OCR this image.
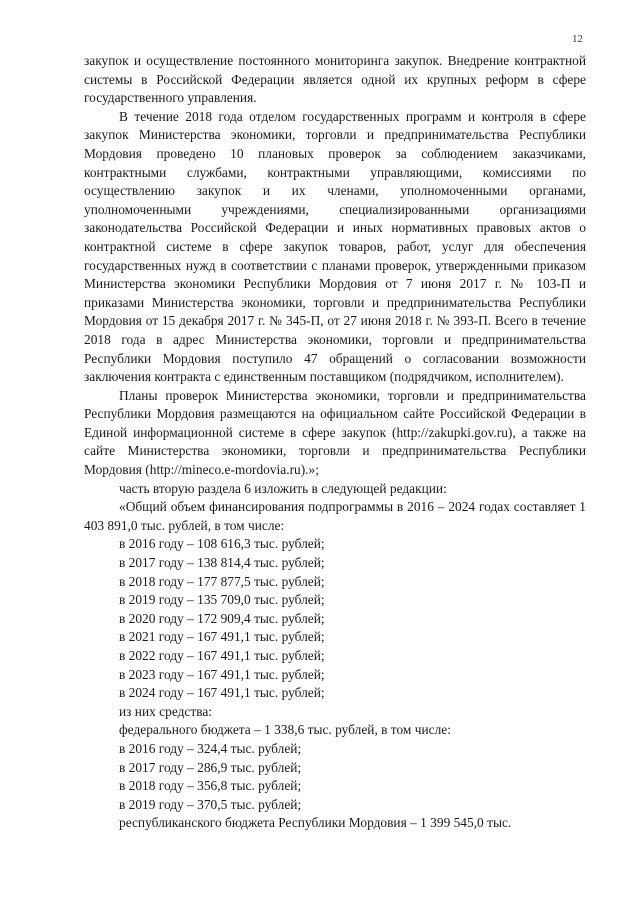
12

закупок и осуществление постоянного мониторинга закупок. Внедрение контрактной системы в Российской Федерации является одной их крупных реформ в сфере государственного управления.

В течение 2018 года отделом государственных программ и контроля в сфере закупок Министерства экономики, торговли и предпринимательства Республики Мордовия проведено 10 плановых проверок за соблюдением заказчиками, контрактными службами, контрактными управляющими, комиссиями по осуществлению закупок и их членами, уполномоченными органами, уполномоченными учреждениями, специализированными организациями законодательства Российской Федерации и иных нормативных правовых актов о контрактной системе в сфере закупок товаров, работ, услуг для обеспечения государственных нужд в соответствии с планами проверок, утвержденными приказом Министерства экономики Республики Мордовия от 7 июня 2017 г. № 103-П и приказами Министерства экономики, торговли и предпринимательства Республики Мордовия от 15 декабря 2017 г. № 345-П, от 27 июня 2018 г. № 393-П. Всего в течение 2018 года в адрес Министерства экономики, торговли и предпринимательства Республики Мордовия поступило 47 обращений о согласовании возможности заключения контракта с единственным поставщиком (подрядчиком, исполнителем).

Планы проверок Министерства экономики, торговли и предпринимательства Республики Мордовия размещаются на официальном сайте Российской Федерации в Единой информационной системе в сфере закупок (http://zakupki.gov.ru), а также на сайте Министерства экономики, торговли и предпринимательства Республики Мордовия (http://mineco.e-mordovia.ru).»;

часть вторую раздела 6 изложить в следующей редакции:

«Общий объем финансирования подпрограммы в 2016 – 2024 годах составляет 1 403 891,0 тыс. рублей, в том числе:

в 2016 году – 108 616,3 тыс. рублей;

в 2017 году – 138 814,4 тыс. рублей;

в 2018 году – 177 877,5 тыс. рублей;

в 2019 году – 135 709,0 тыс. рублей;

в 2020 году – 172 909,4 тыс. рублей;

в 2021 году – 167 491,1 тыс. рублей;

в 2022 году – 167 491,1 тыс. рублей;

в 2023 году – 167 491,1 тыс. рублей;

в 2024 году – 167 491,1 тыс. рублей;

из них средства:

федерального бюджета – 1 338,6 тыс. рублей, в том числе:

в 2016 году – 324,4 тыс. рублей;

в 2017 году – 286,9 тыс. рублей;

в 2018 году – 356,8 тыс. рублей;

в 2019 году – 370,5 тыс. рублей;

республиканского бюджета Республики Мордовия – 1 399 545,0 тыс.
